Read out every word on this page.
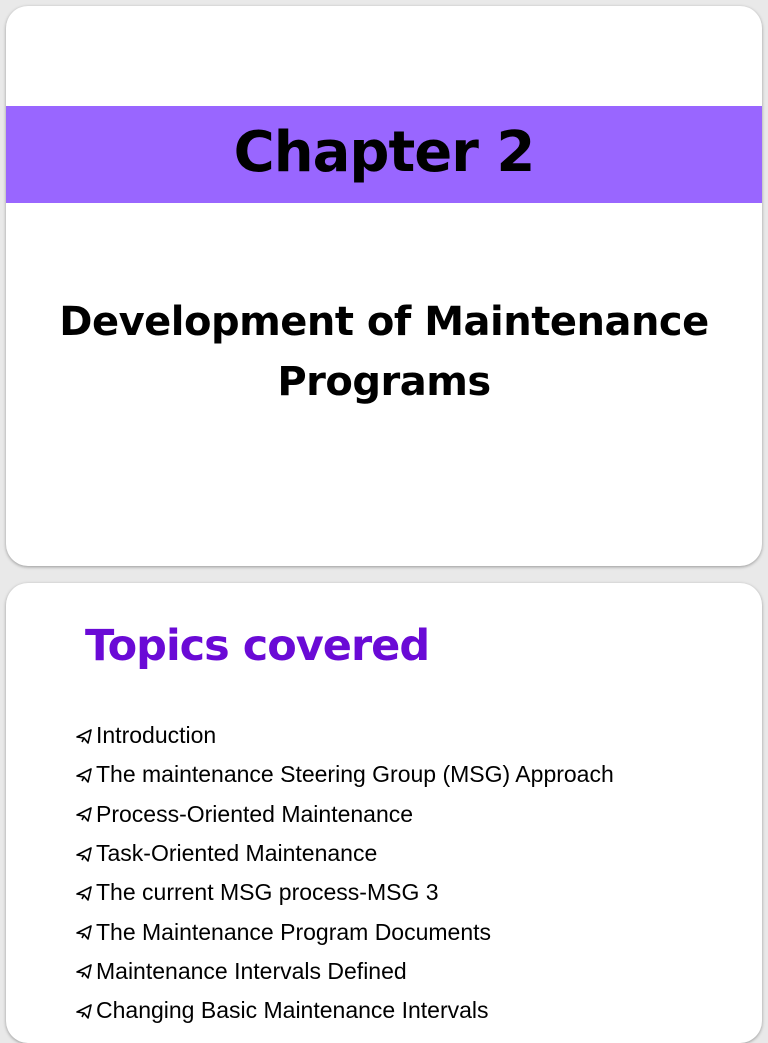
Chapter 2
Development of Maintenance
Programs
Topics covered
Introduction
The maintenance Steering Group (MSG) Approach
Process-Oriented Maintenance
Task-Oriented Maintenance
The current MSG process-MSG 3
The Maintenance Program Documents
Maintenance Intervals Defined
Changing Basic Maintenance Intervals
